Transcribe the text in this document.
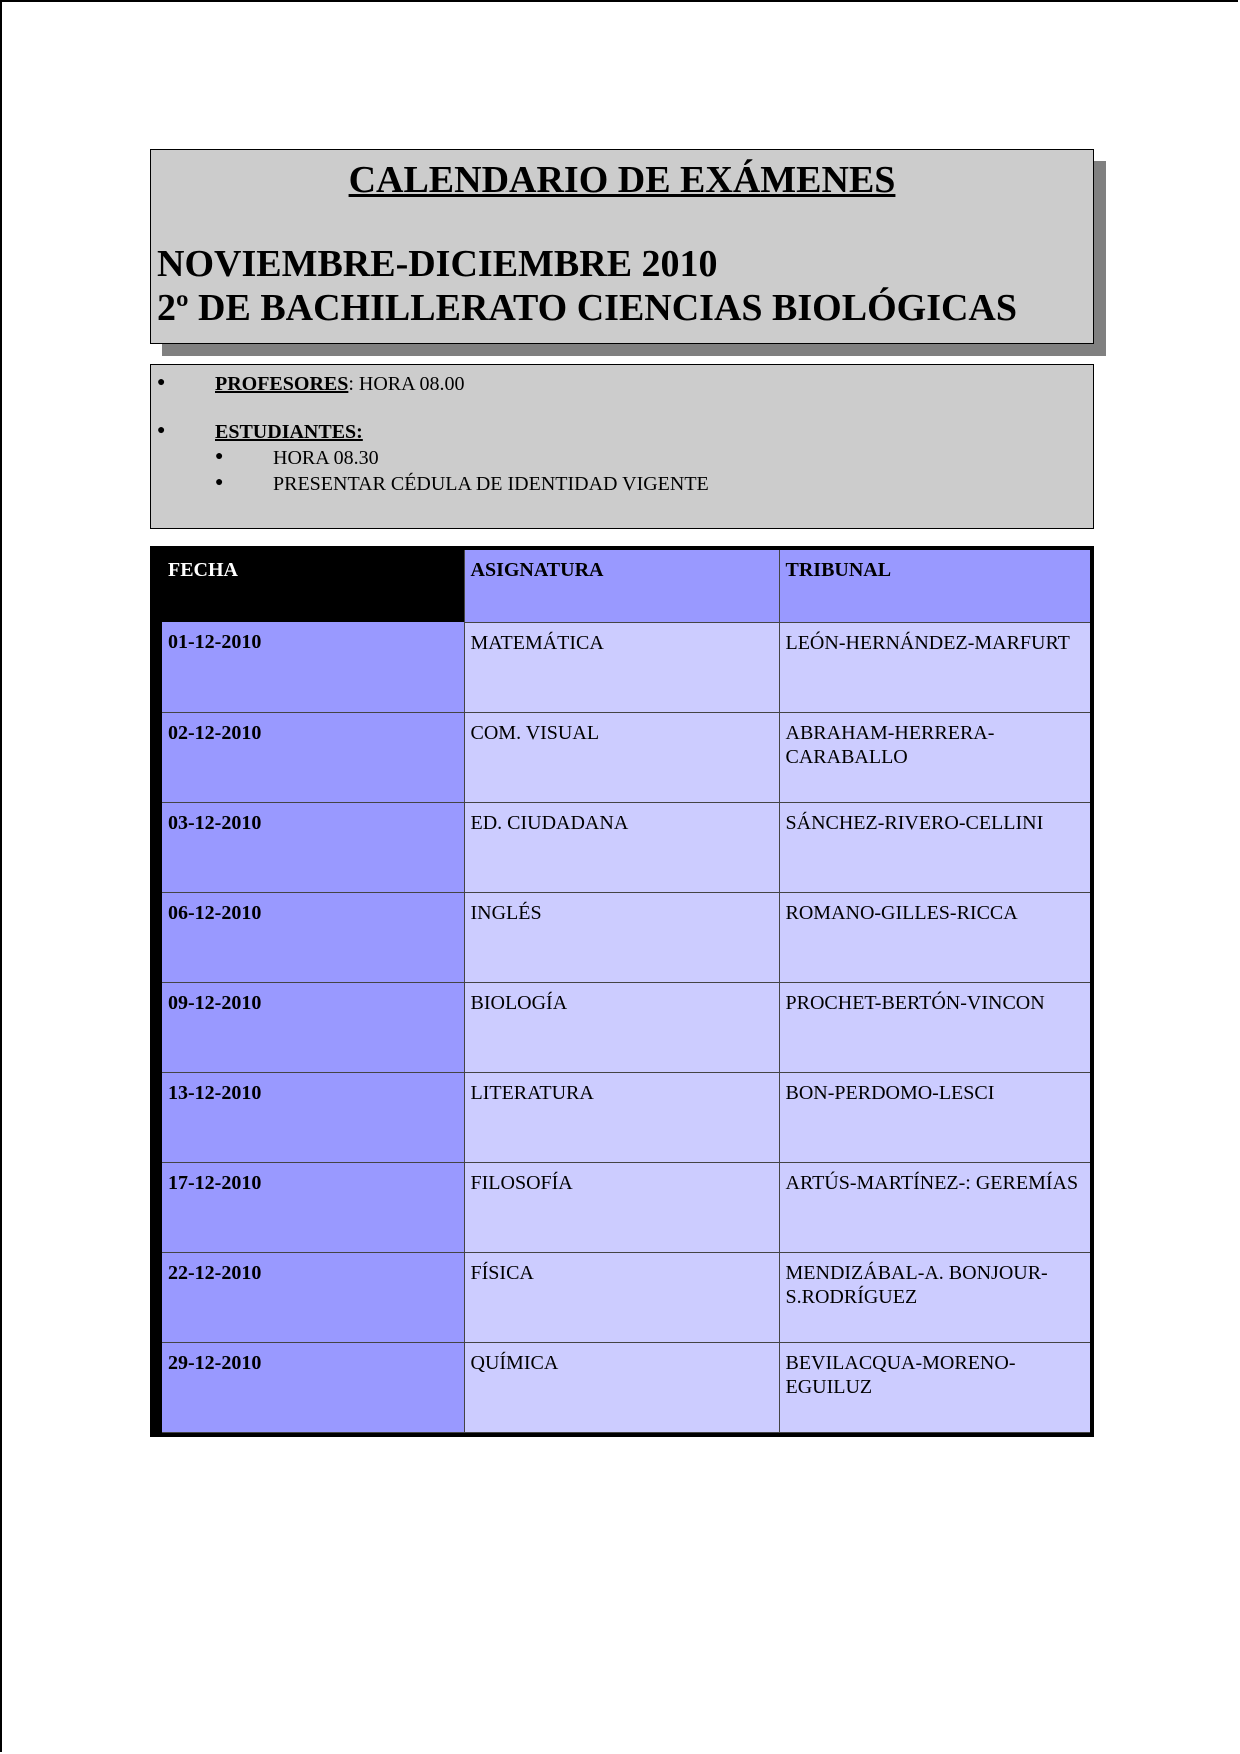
CALENDARIO DE EXÁMENES
NOVIEMBRE-DICIEMBRE 2010
2º DE BACHILLERATO CIENCIAS BIOLÓGICAS
● PROFESORES: HORA 08.00
● ESTUDIANTES:
● HORA 08.30
● PRESENTAR CÉDULA DE IDENTIDAD VIGENTE
FECHA	ASIGNATURA	TRIBUNAL
01-12-2010	MATEMÁTICA	LEÓN-HERNÁNDEZ-MARFURT
02-12-2010	COM. VISUAL	ABRAHAM-HERRERA-CARABALLO
03-12-2010	ED. CIUDADANA	SÁNCHEZ-RIVERO-CELLINI
06-12-2010	INGLÉS	ROMANO-GILLES-RICCA
09-12-2010	BIOLOGÍA	PROCHET-BERTÓN-VINCON
13-12-2010	LITERATURA	BON-PERDOMO-LESCI
17-12-2010	FILOSOFÍA	ARTÚS-MARTÍNEZ-: GEREMÍAS
22-12-2010	FÍSICA	MENDIZÁBAL-A. BONJOUR-S.RODRÍGUEZ
29-12-2010	QUÍMICA	BEVILACQUA-MORENO-EGUILUZ
